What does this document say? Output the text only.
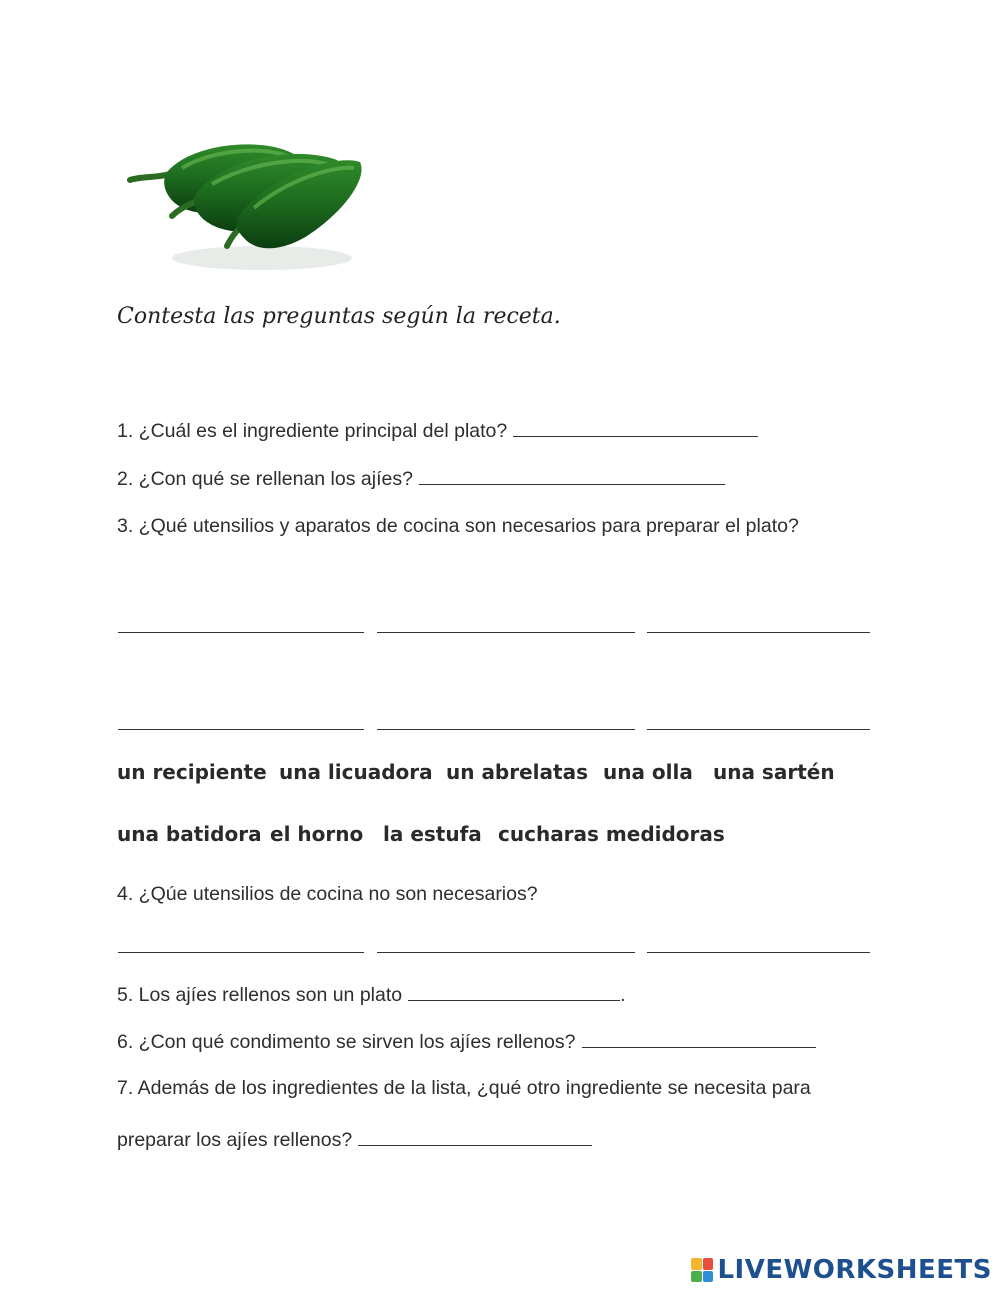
Contesta las preguntas según la receta.
1. ¿Cuál es el ingrediente principal del plato?
2. ¿Con qué se rellenan los ajíes?
3. ¿Qué utensilios y aparatos de cocina son necesarios para preparar el plato?
un recipiente una licuadora un abrelatas una olla una sartén
una batidora el horno la estufa cucharas medidoras
4. ¿Qúe utensilios de cocina no son necesarios?
5. Los ajíes rellenos son un plato	.
6. ¿Con qué condimento se sirven los ajíes rellenos?
7. Además de los ingredientes de la lista, ¿qué otro ingrediente se necesita para
preparar los ajíes rellenos?
LIVEWORKSHEETS
